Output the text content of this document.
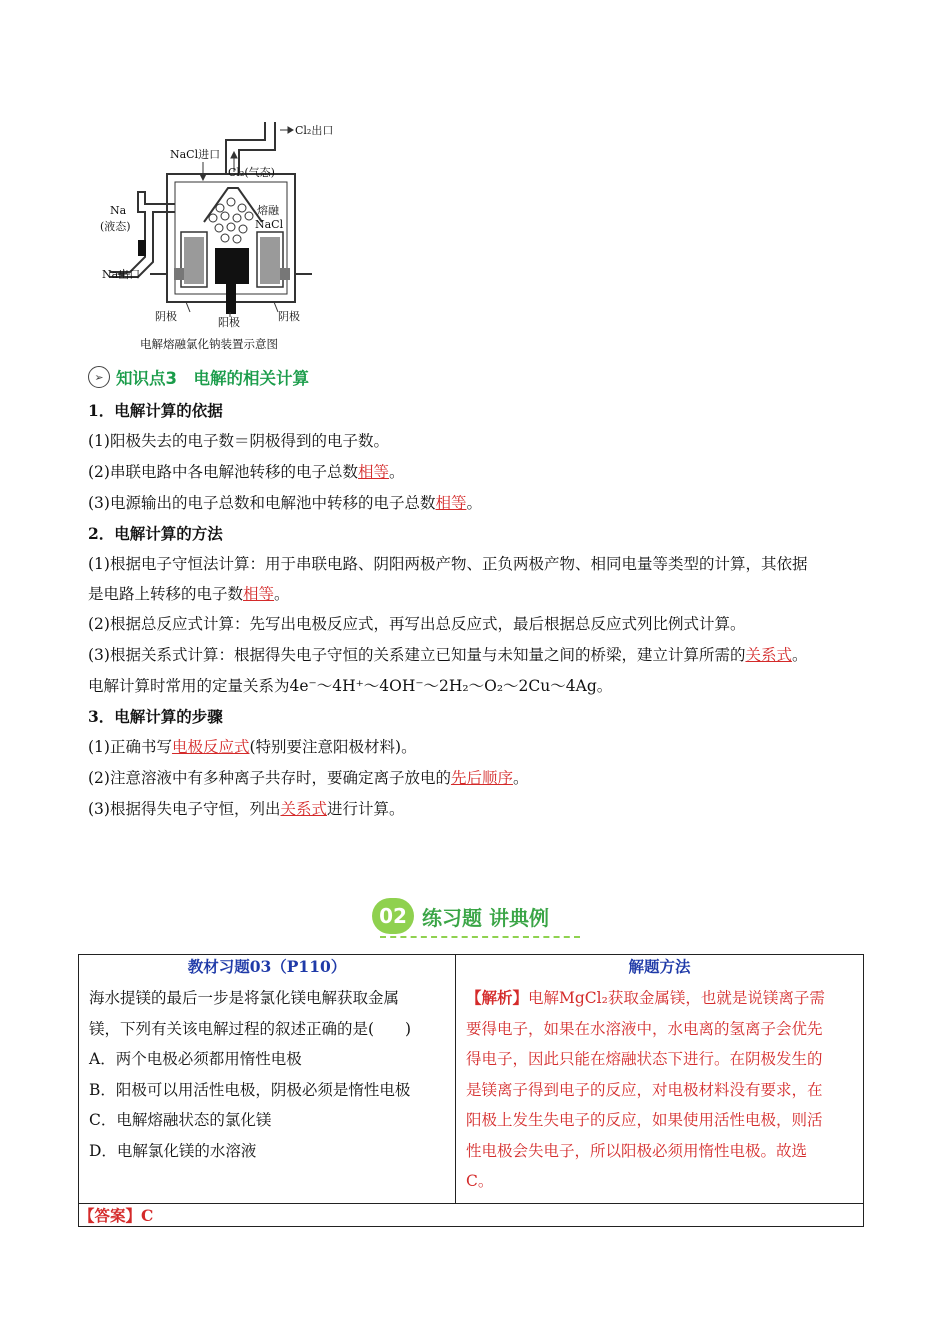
Cl₂出口
NaCl进口
Cl₂(气态)
Na
(液态)
熔融
NaCl
Na出口
阴极	阳极	阴极
电解熔融氯化钠装置示意图
➢ 知识点3　电解的相关计算
1．电解计算的依据
(1)阳极失去的电子数＝阴极得到的电子数。
(2)串联电路中各电解池转移的电子总数相等。
(3)电源输出的电子总数和电解池中转移的电子总数相等。
2．电解计算的方法
(1)根据电子守恒法计算：用于串联电路、阴阳两极产物、正负两极产物、相同电量等类型的计算，其依据
是电路上转移的电子数相等。
(2)根据总反应式计算：先写出电极反应式，再写出总反应式，最后根据总反应式列比例式计算。
(3)根据关系式计算：根据得失电子守恒的关系建立已知量与未知量之间的桥梁，建立计算所需的关系式。
电解计算时常用的定量关系为4e⁻～4H⁺～4OH⁻～2H₂～O₂～2Cu～4Ag。
3．电解计算的步骤
(1)正确书写电极反应式(特别要注意阳极材料)。
(2)注意溶液中有多种离子共存时，要确定离子放电的先后顺序。
(3)根据得失电子守恒，列出关系式进行计算。
02 练习题 讲典例
教材习题03（P110）
海水提镁的最后一步是将氯化镁电解获取金属
镁，下列有关该电解过程的叙述正确的是(　　)
A．两个电极必须都用惰性电极
B．阳极可以用活性电极，阴极必须是惰性电极
C．电解熔融状态的氯化镁
D．电解氯化镁的水溶液

解题方法
【解析】电解MgCl₂获取金属镁，也就是说镁离子需
要得电子，如果在水溶液中，水电离的氢离子会优先
得电子，因此只能在熔融状态下进行。在阴极发生的
是镁离子得到电子的反应，对电极材料没有要求，在
阳极上发生失电子的反应，如果使用活性电极，则活
性电极会失电子，所以阳极必须用惰性电极。故选
C。

【答案】C
